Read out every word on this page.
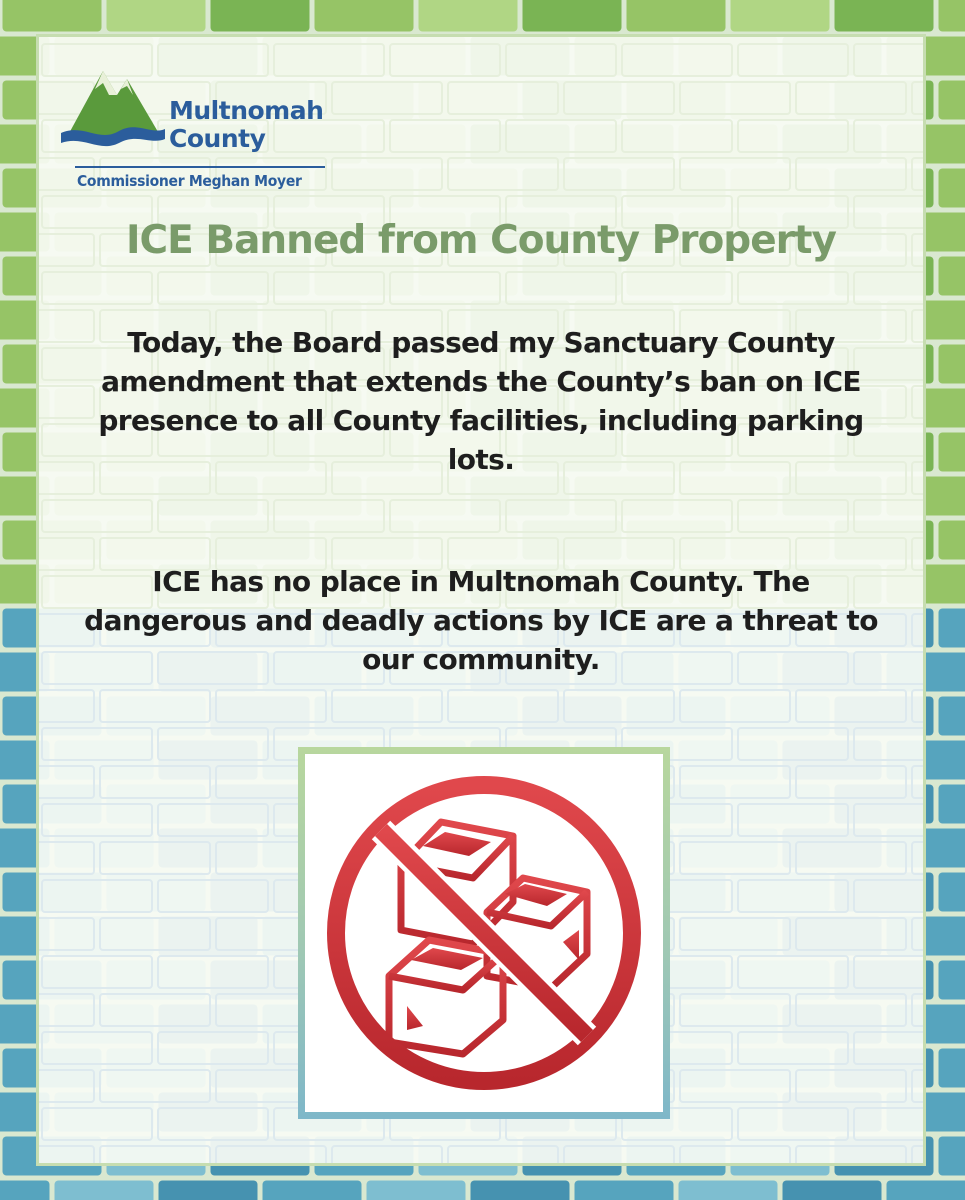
Multnomah
County
Commissioner Meghan Moyer
ICE Banned from County Property
Today, the Board passed my Sanctuary County amendment that extends the County’s ban on ICE presence to all County facilities, including parking lots.
ICE has no place in Multnomah County. The dangerous and deadly actions by ICE are a threat to our community.
